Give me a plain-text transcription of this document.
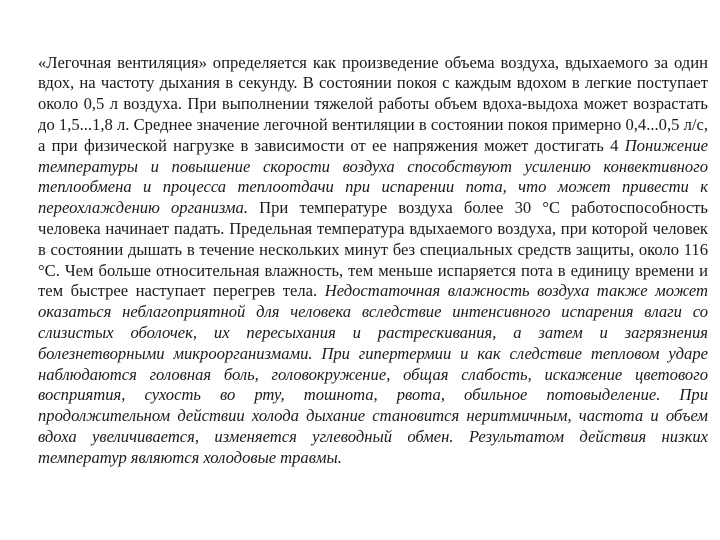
«Легочная вентиляция» определяется как произведение объема воздуха, вдыхаемого за один вдох, на частоту дыхания в секунду. В состоянии покоя с каждым вдохом в легкие поступает около 0,5 л воздуха. При выполнении тяжелой работы объем вдоха-выдоха может возрастать до 1,5...1,8 л. Среднее значение легочной вентиляции в состоянии покоя примерно 0,4...0,5 л/с, а при физической нагрузке в зависимости от ее напряжения может достигать 4 Понижение температуры и повышение скорости воздуха способствуют усилению конвективного теплообмена и процесса теплоотдачи при испарении пота, что может привести к переохлаждению организма. При температуре воздуха более 30 °С работоспособность человека начинает падать. Предельная температура вдыхаемого воздуха, при которой человек в состоянии дышать в течение нескольких минут без специальных средств защиты, около 116 °С. Чем больше относительная влажность, тем меньше испаряется пота в единицу времени и тем быстрее наступает перегрев тела. Недостаточная влажность воздуха также может оказаться неблагоприятной для человека вследствие интенсивного испарения влаги со слизистых оболочек, их пересыхания и растрескивания, а затем и загрязнения болезнетворными микроорганизмами. При гипертермии и как следствие тепловом ударе наблюдаются головная боль, головокружение, общая слабость, искажение цветового восприятия, сухость во рту, тошнота, рвота, обильное потовыделение. При продолжительном действии холода дыхание становится неритмичным, частота и объем вдоха увеличивается, изменяется углеводный обмен. Результатом действия низких температур являются холодовые травмы.
